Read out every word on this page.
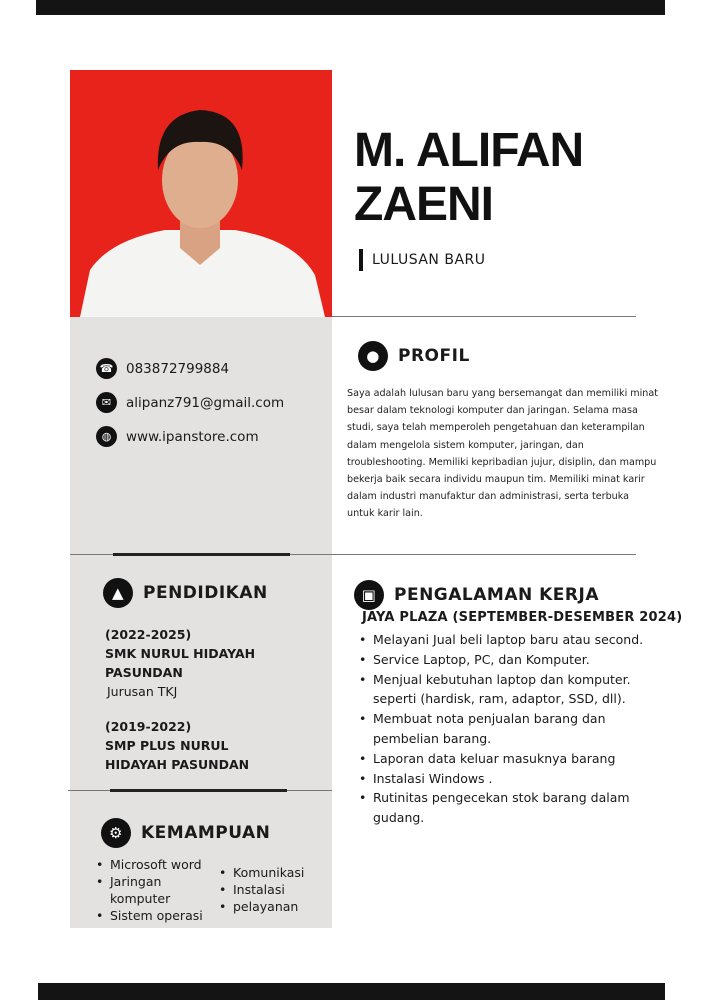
M. ALIFAN
ZAENI
LULUSAN BARU
☎ 083872799884
✉	alipanz791@gmail.com
◍	www.ipanstore.com
●	PROFIL
Saya adalah lulusan baru yang bersemangat dan memiliki minat besar dalam teknologi komputer dan jaringan. Selama masa studi, saya telah memperoleh pengetahuan dan keterampilan dalam mengelola sistem komputer, jaringan, dan troubleshooting. Memiliki kepribadian jujur, disiplin, dan mampu bekerja baik secara individu maupun tim. Memiliki minat karir dalam industri manufaktur dan administrasi, serta terbuka untuk karir lain.
▲	PENDIDIKAN
(2022-2025)
SMK NURUL HIDAYAH PASUNDAN
Jurusan TKJ
(2019-2022)
SMP PLUS NURUL HIDAYAH PASUNDAN
▣	PENGALAMAN KERJA
JAYA PLAZA (SEPTEMBER-DESEMBER 2024)
• Melayani Jual beli laptop baru atau second.
• Service Laptop, PC, dan Komputer.
• Menjual kebutuhan laptop dan komputer. seperti (hardisk, ram, adaptor, SSD, dll).
• Membuat nota penjualan barang dan pembelian barang.
• Laporan data keluar masuknya barang
• Instalasi Windows .
• Rutinitas pengecekan stok barang dalam gudang.
⚙	KEMAMPUAN
• Microsoft word
• Jaringan komputer
• Sistem operasi
• Komunikasi
• Instalasi
• pelayanan
